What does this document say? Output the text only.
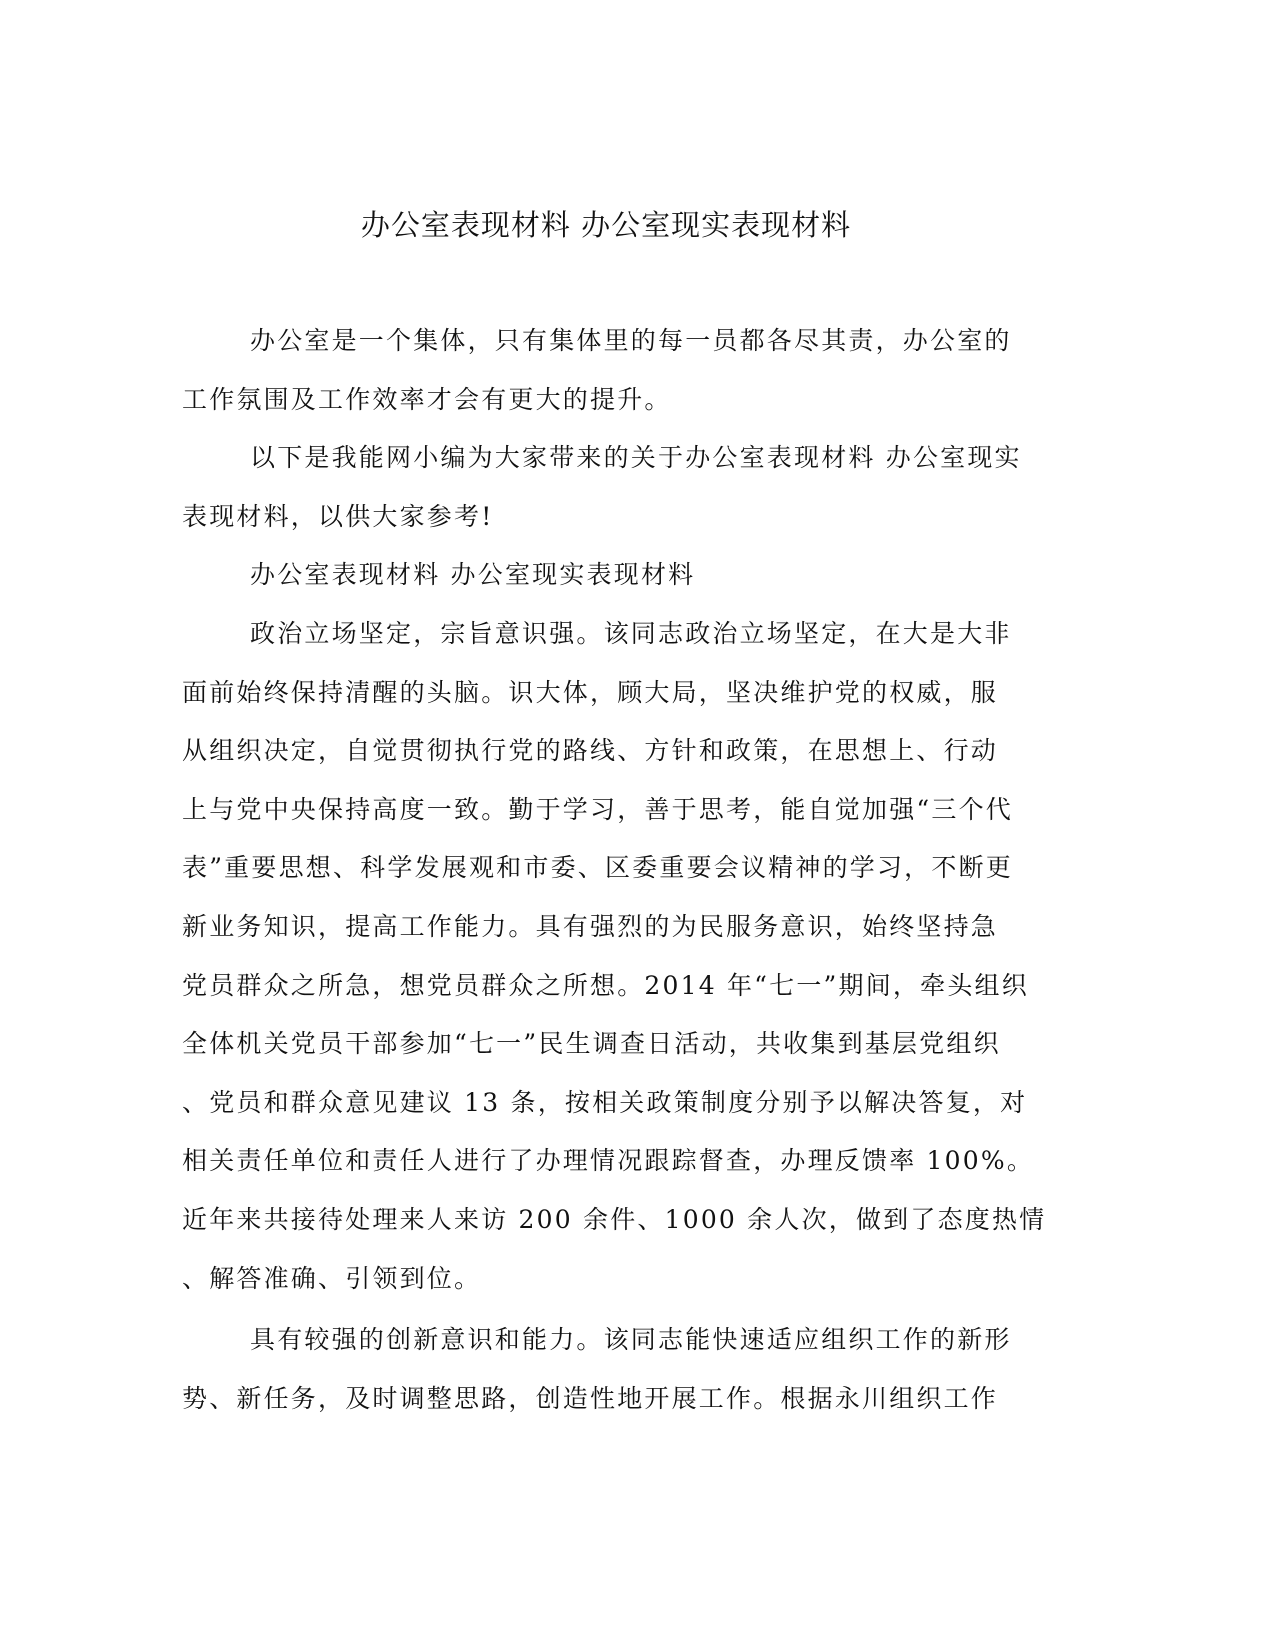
办公室表现材料 办公室现实表现材料
办公室是一个集体，只有集体里的每一员都各尽其责，办公室的
工作氛围及工作效率才会有更大的提升。
以下是我能网小编为大家带来的关于办公室表现材料 办公室现实
表现材料，以供大家参考!
办公室表现材料 办公室现实表现材料
政治立场坚定，宗旨意识强。该同志政治立场坚定，在大是大非
面前始终保持清醒的头脑。识大体，顾大局，坚决维护党的权威，服
从组织决定，自觉贯彻执行党的路线、方针和政策，在思想上、行动
上与党中央保持高度一致。勤于学习，善于思考，能自觉加强“三个代
表”重要思想、科学发展观和市委、区委重要会议精神的学习，不断更
新业务知识，提高工作能力。具有强烈的为民服务意识，始终坚持急
党员群众之所急，想党员群众之所想。2014 年“七一”期间，牵头组织
全体机关党员干部参加“七一”民生调查日活动，共收集到基层党组织
、党员和群众意见建议 13 条，按相关政策制度分别予以解决答复，对
相关责任单位和责任人进行了办理情况跟踪督查，办理反馈率 100%。
近年来共接待处理来人来访 200 余件、1000 余人次，做到了态度热情
、解答准确、引领到位。
具有较强的创新意识和能力。该同志能快速适应组织工作的新形
势、新任务，及时调整思路，创造性地开展工作。根据永川组织工作
